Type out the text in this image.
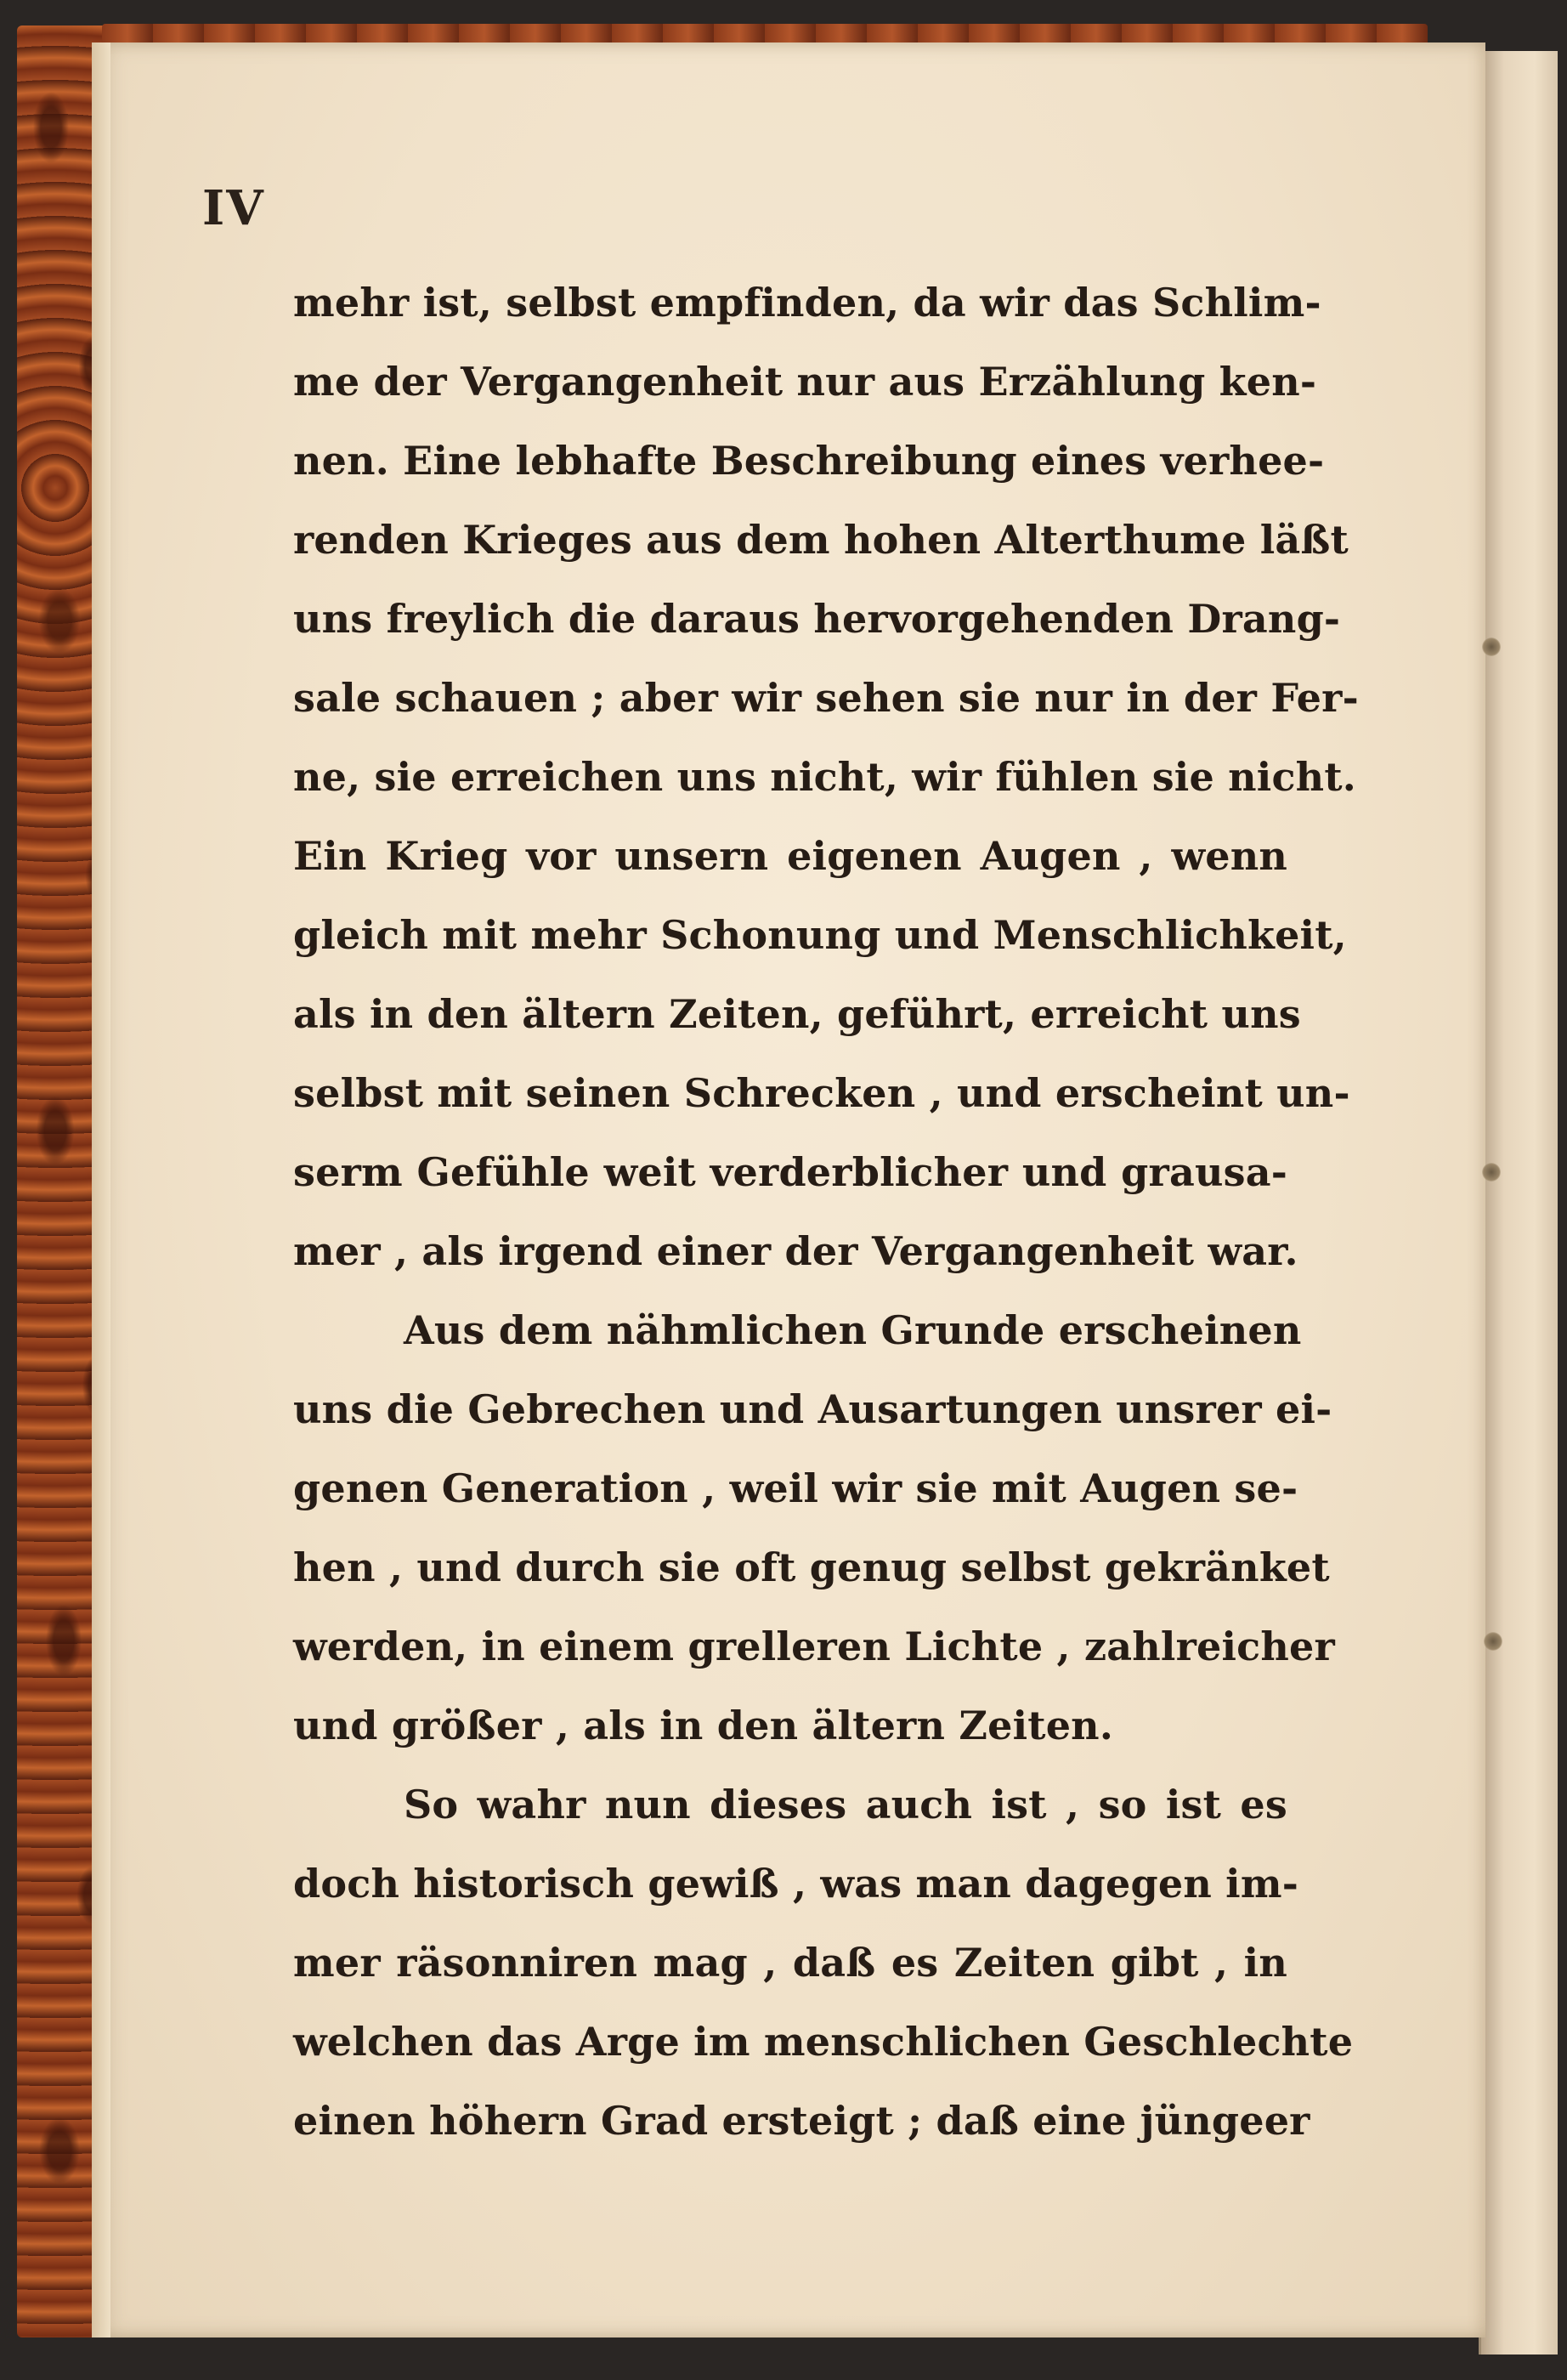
IV
mehr ist, selbst empfinden, da wir das Schlim-
me der Vergangenheit nur aus Erzählung ken-
nen. Eine lebhafte Beschreibung eines verhee-
renden Krieges aus dem hohen Alterthume läßt
uns freylich die daraus hervorgehenden Drang-
sale schauen ; aber wir sehen sie nur in der Fer-
ne, sie erreichen uns nicht, wir fühlen sie nicht.
Ein Krieg vor unsern eigenen Augen , wenn
gleich mit mehr Schonung und Menschlichkeit,
als in den ältern Zeiten, geführt, erreicht uns
selbst mit seinen Schrecken , und erscheint un-
serm Gefühle weit verderblicher und grausa-
mer , als irgend einer der Vergangenheit war.
Aus dem nähmlichen Grunde erscheinen
uns die Gebrechen und Ausartungen unsrer ei-
genen Generation , weil wir sie mit Augen se-
hen , und durch sie oft genug selbst gekränket
werden, in einem grelleren Lichte , zahlreicher
und größer , als in den ältern Zeiten.
So wahr nun dieses auch ist , so ist es
doch historisch gewiß , was man dagegen im-
mer räsonniren mag , daß es Zeiten gibt , in
welchen das Arge im menschlichen Geschlechte
einen höhern Grad ersteigt ; daß eine jüngeer
